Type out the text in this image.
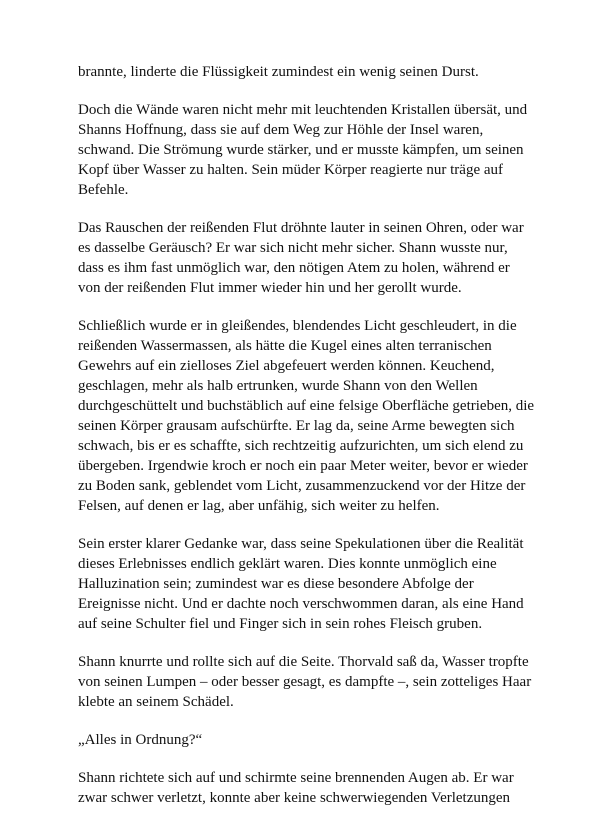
brannte, linderte die Flüssigkeit zumindest ein wenig seinen Durst.

Doch die Wände waren nicht mehr mit leuchtenden Kristallen übersät, und
Shanns Hoffnung, dass sie auf dem Weg zur Höhle der Insel waren,
schwand. Die Strömung wurde stärker, und er musste kämpfen, um seinen
Kopf über Wasser zu halten. Sein müder Körper reagierte nur träge auf
Befehle.

Das Rauschen der reißenden Flut dröhnte lauter in seinen Ohren, oder war
es dasselbe Geräusch? Er war sich nicht mehr sicher. Shann wusste nur,
dass es ihm fast unmöglich war, den nötigen Atem zu holen, während er
von der reißenden Flut immer wieder hin und her gerollt wurde.

Schließlich wurde er in gleißendes, blendendes Licht geschleudert, in die
reißenden Wassermassen, als hätte die Kugel eines alten terranischen
Gewehrs auf ein zielloses Ziel abgefeuert werden können. Keuchend,
geschlagen, mehr als halb ertrunken, wurde Shann von den Wellen
durchgeschüttelt und buchstäblich auf eine felsige Oberfläche getrieben, die
seinen Körper grausam aufschürfte. Er lag da, seine Arme bewegten sich
schwach, bis er es schaffte, sich rechtzeitig aufzurichten, um sich elend zu
übergeben. Irgendwie kroch er noch ein paar Meter weiter, bevor er wieder
zu Boden sank, geblendet vom Licht, zusammenzuckend vor der Hitze der
Felsen, auf denen er lag, aber unfähig, sich weiter zu helfen.

Sein erster klarer Gedanke war, dass seine Spekulationen über die Realität
dieses Erlebnisses endlich geklärt waren. Dies konnte unmöglich eine
Halluzination sein; zumindest war es diese besondere Abfolge der
Ereignisse nicht. Und er dachte noch verschwommen daran, als eine Hand
auf seine Schulter fiel und Finger sich in sein rohes Fleisch gruben.

Shann knurrte und rollte sich auf die Seite. Thorvald saß da, Wasser tropfte
von seinen Lumpen – oder besser gesagt, es dampfte –, sein zotteliges Haar
klebte an seinem Schädel.

„Alles in Ordnung?“

Shann richtete sich auf und schirmte seine brennenden Augen ab. Er war
zwar schwer verletzt, konnte aber keine schwerwiegenden Verletzungen
